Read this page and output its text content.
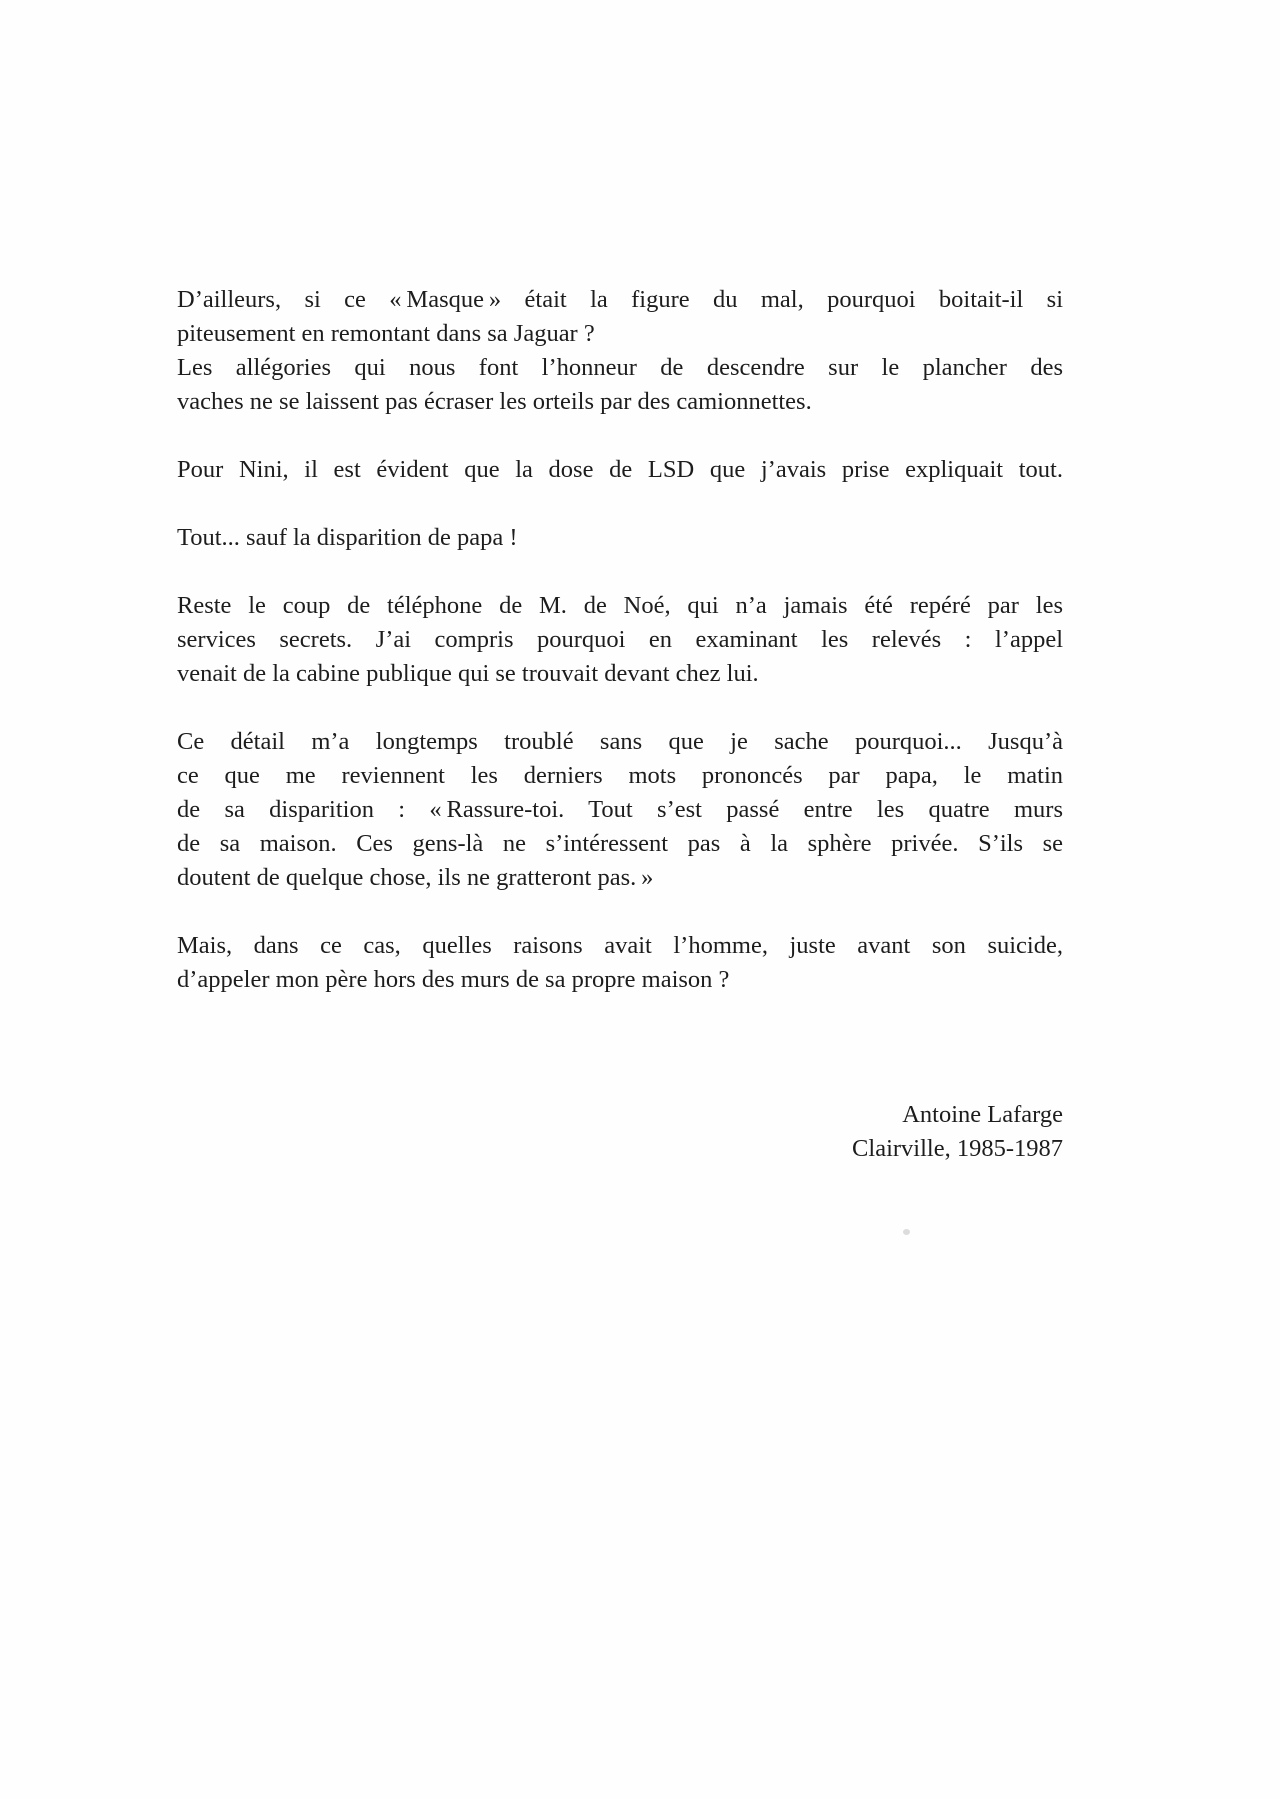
D’ailleurs, si ce « Masque » était la figure du mal, pourquoi boitait-il si
piteusement en remontant dans sa Jaguar ?
Les allégories qui nous font l’honneur de descendre sur le plancher des
vaches ne se laissent pas écraser les orteils par des camionnettes.
Pour Nini, il est évident que la dose de LSD que j’avais prise expliquait tout.
Tout... sauf la disparition de papa !
Reste le coup de téléphone de M. de Noé, qui n’a jamais été repéré par les
services secrets. J’ai compris pourquoi en examinant les relevés : l’appel
venait de la cabine publique qui se trouvait devant chez lui.
Ce détail m’a longtemps troublé sans que je sache pourquoi... Jusqu’à
ce que me reviennent les derniers mots prononcés par papa, le matin
de sa disparition : « Rassure-toi. Tout s’est passé entre les quatre murs
de sa maison. Ces gens-là ne s’intéressent pas à la sphère privée. S’ils se
doutent de quelque chose, ils ne gratteront pas. »
Mais, dans ce cas, quelles raisons avait l’homme, juste avant son suicide,
d’appeler mon père hors des murs de sa propre maison ?
Antoine Lafarge
Clairville, 1985-1987
